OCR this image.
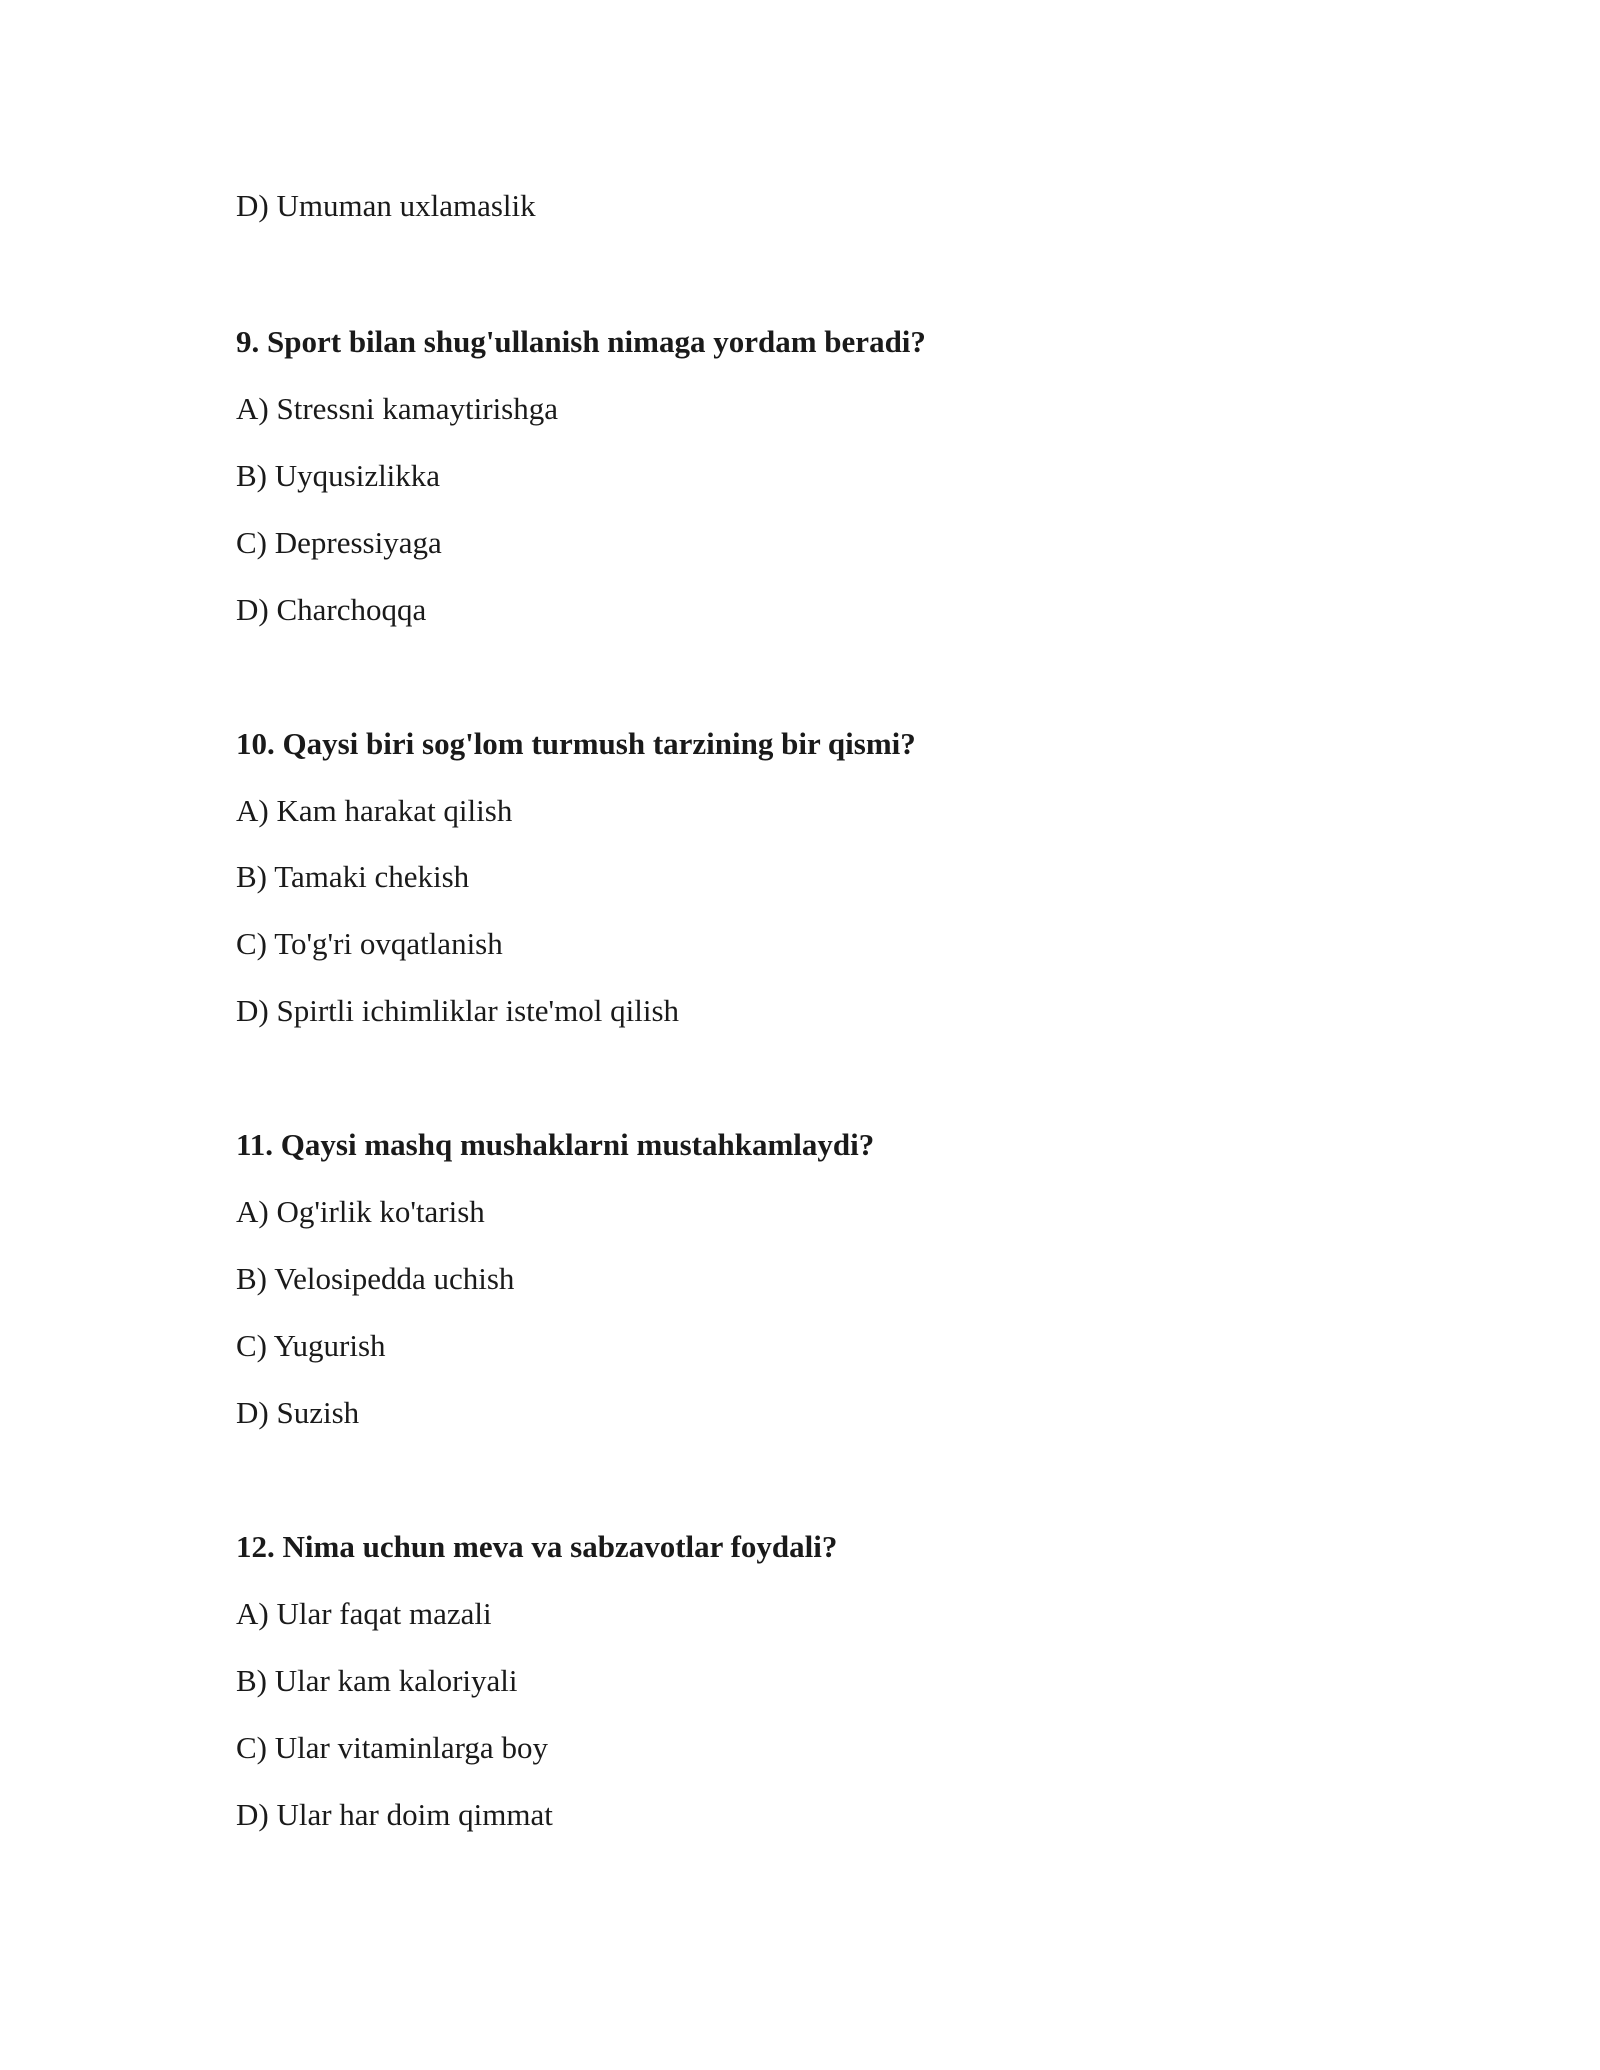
D) Umuman uxlamaslik
9. Sport bilan shug'ullanish nimaga yordam beradi?
A) Stressni kamaytirishga
B) Uyqusizlikka
C) Depressiyaga
D) Charchoqqa
10. Qaysi biri sog'lom turmush tarzining bir qismi?
A) Kam harakat qilish
B) Tamaki chekish
C) To'g'ri ovqatlanish
D) Spirtli ichimliklar iste'mol qilish
11. Qaysi mashq mushaklarni mustahkamlaydi?
A) Og'irlik ko'tarish
B) Velosipedda uchish
C) Yugurish
D) Suzish
12. Nima uchun meva va sabzavotlar foydali?
A) Ular faqat mazali
B) Ular kam kaloriyali
C) Ular vitaminlarga boy
D) Ular har doim qimmat
